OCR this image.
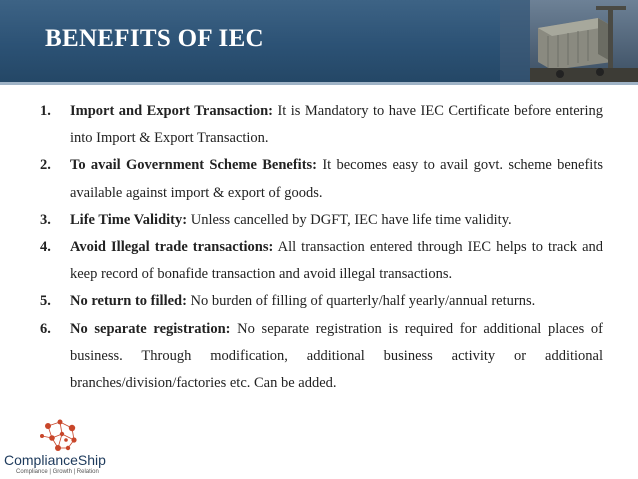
BENEFITS OF IEC
1. Import and Export Transaction: It is Mandatory to have IEC Certificate before entering into Import & Export Transaction.
2. To avail Government Scheme Benefits: It becomes easy to avail govt. scheme benefits available against import & export of goods.
3. Life Time Validity: Unless cancelled by DGFT, IEC have life time validity.
4. Avoid Illegal trade transactions: All transaction entered through IEC helps to track and keep record of bonafide transaction and avoid illegal transactions.
5. No return to filled: No burden of filling of quarterly/half yearly/annual returns.
6. No separate registration: No separate registration is required for additional places of business. Through modification, additional business activity or additional branches/division/factories etc. Can be added.
ComplianceShip
Compliance | Growth | Relation
